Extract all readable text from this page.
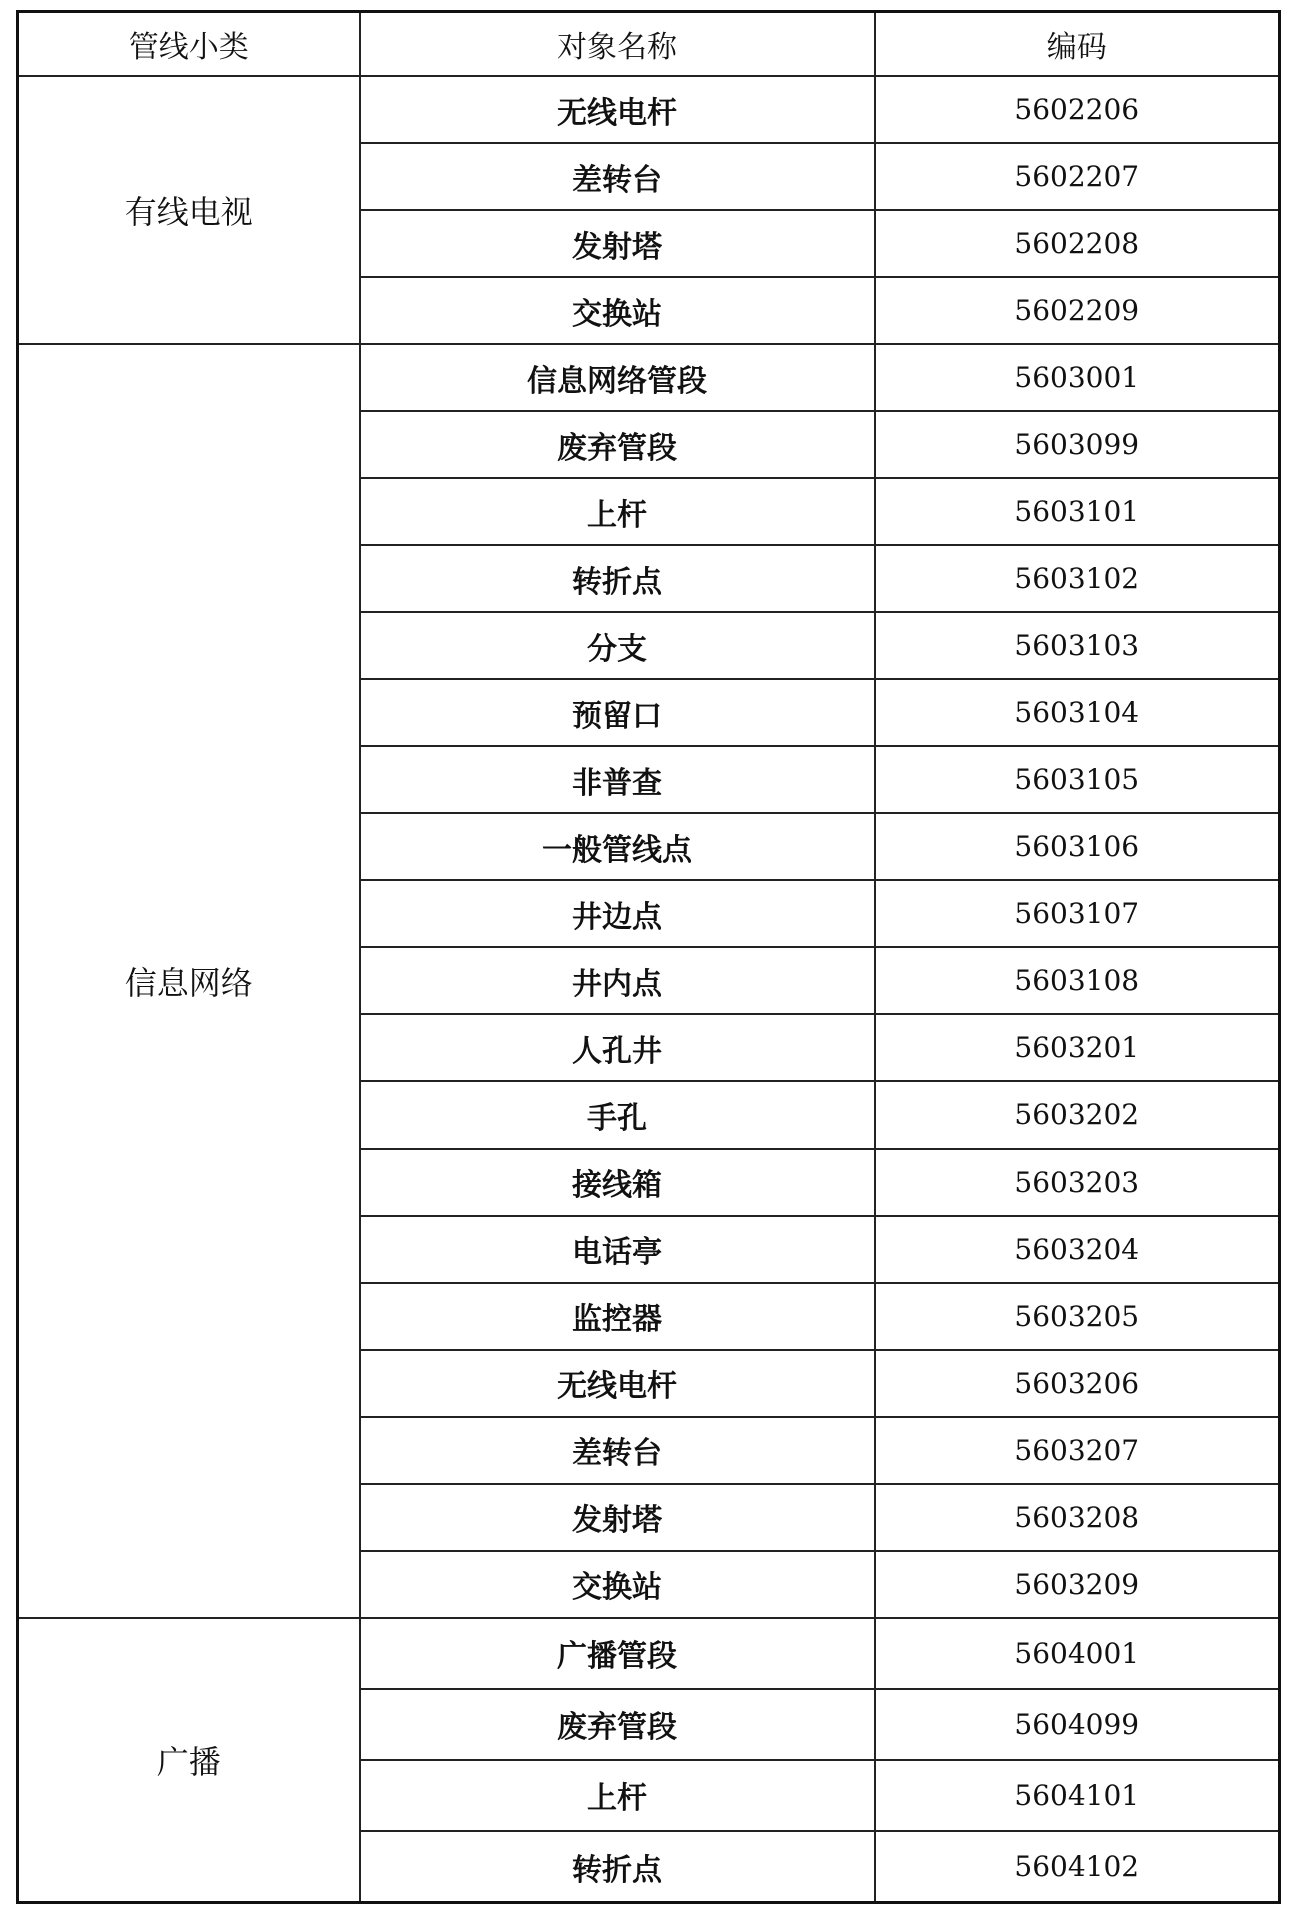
管线小类	对象名称	编码
有线电视	无线电杆	5602206
	差转台	5602207
	发射塔	5602208
	交换站	5602209
信息网络	信息网络管段	5603001
	废弃管段	5603099
	上杆	5603101
	转折点	5603102
	分支	5603103
	预留口	5603104
	非普查	5603105
	一般管线点	5603106
	井边点	5603107
	井内点	5603108
	人孔井	5603201
	手孔	5603202
	接线箱	5603203
	电话亭	5603204
	监控器	5603205
	无线电杆	5603206
	差转台	5603207
	发射塔	5603208
	交换站	5603209
广播	广播管段	5604001
	废弃管段	5604099
	上杆	5604101
	转折点	5604102
